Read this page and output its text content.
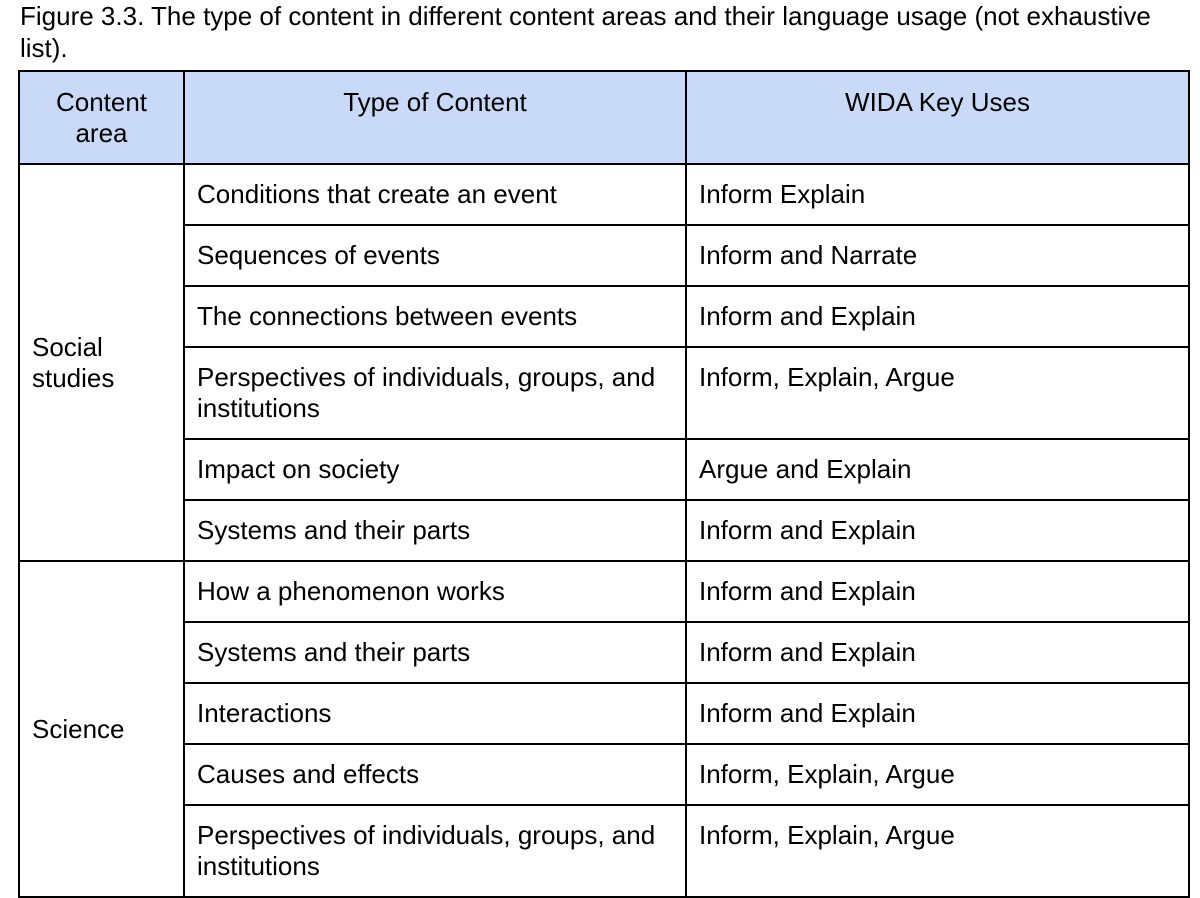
Figure 3.3. The type of content in different content areas and their language usage (not exhaustive list).
Content area	Type of Content	WIDA Key Uses
Social studies	Conditions that create an event	Inform Explain
	Sequences of events	Inform and Narrate
	The connections between events	Inform and Explain
	Perspectives of individuals, groups, and institutions	Inform, Explain, Argue
	Impact on society	Argue and Explain
	Systems and their parts	Inform and Explain
Science	How a phenomenon works	Inform and Explain
	Systems and their parts	Inform and Explain
	Interactions	Inform and Explain
	Causes and effects	Inform, Explain, Argue
	Perspectives of individuals, groups, and institutions	Inform, Explain, Argue
